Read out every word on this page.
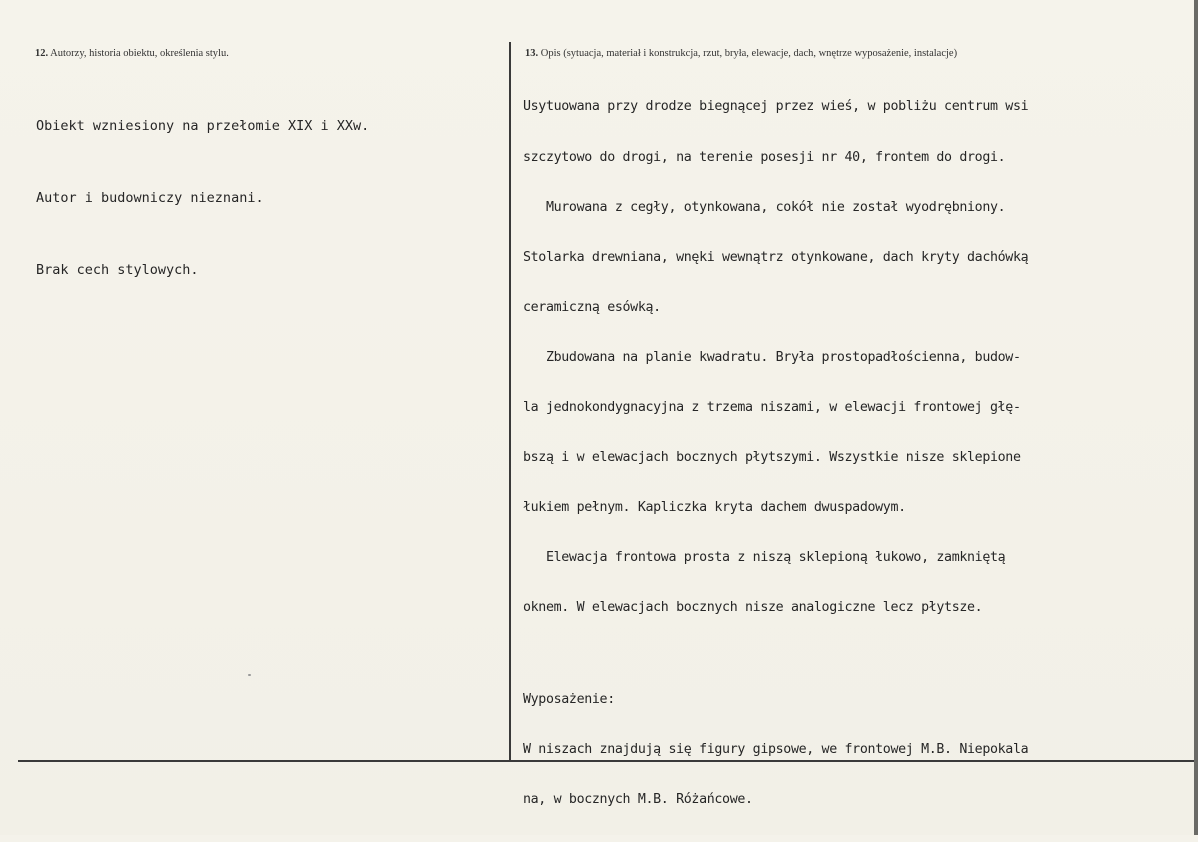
12. Autorzy, historia obiektu, określenia stylu.	13. Opis (sytuacja, materiał i konstrukcja, rzut, bryła, elewacje, dach, wnętrze wyposażenie, instalacje)

Obiekt wzniesiony na przełomie XIX i XXw.

Autor i budowniczy nieznani.

Brak cech stylowych.

Usytuowana przy drodze biegnącej przez wieś, w pobliżu centrum wsi

szczytowo do drogi, na terenie posesji nr 40, frontem do drogi.

Murowana z cegły, otynkowana, cokół nie został wyodrębniony.

Stolarka drewniana, wnęki wewnątrz otynkowane, dach kryty dachówką

ceramiczną esówką.

Zbudowana na planie kwadratu. Bryła prostopadłościenna, budow-

la jednokondygnacyjna z trzema niszami, w elewacji frontowej głę-

bszą i w elewacjach bocznych płytszymi. Wszystkie nisze sklepione

łukiem pełnym. Kapliczka kryta dachem dwuspadowym.

Elewacja frontowa prosta z niszą sklepioną łukowo, zamkniętą

oknem. W elewacjach bocznych nisze analogiczne lecz płytsze.

Wyposażenie:

W niszach znajdują się figury gipsowe, we frontowej M.B. Niepokala

na, w bocznych M.B. Różańcowe.
